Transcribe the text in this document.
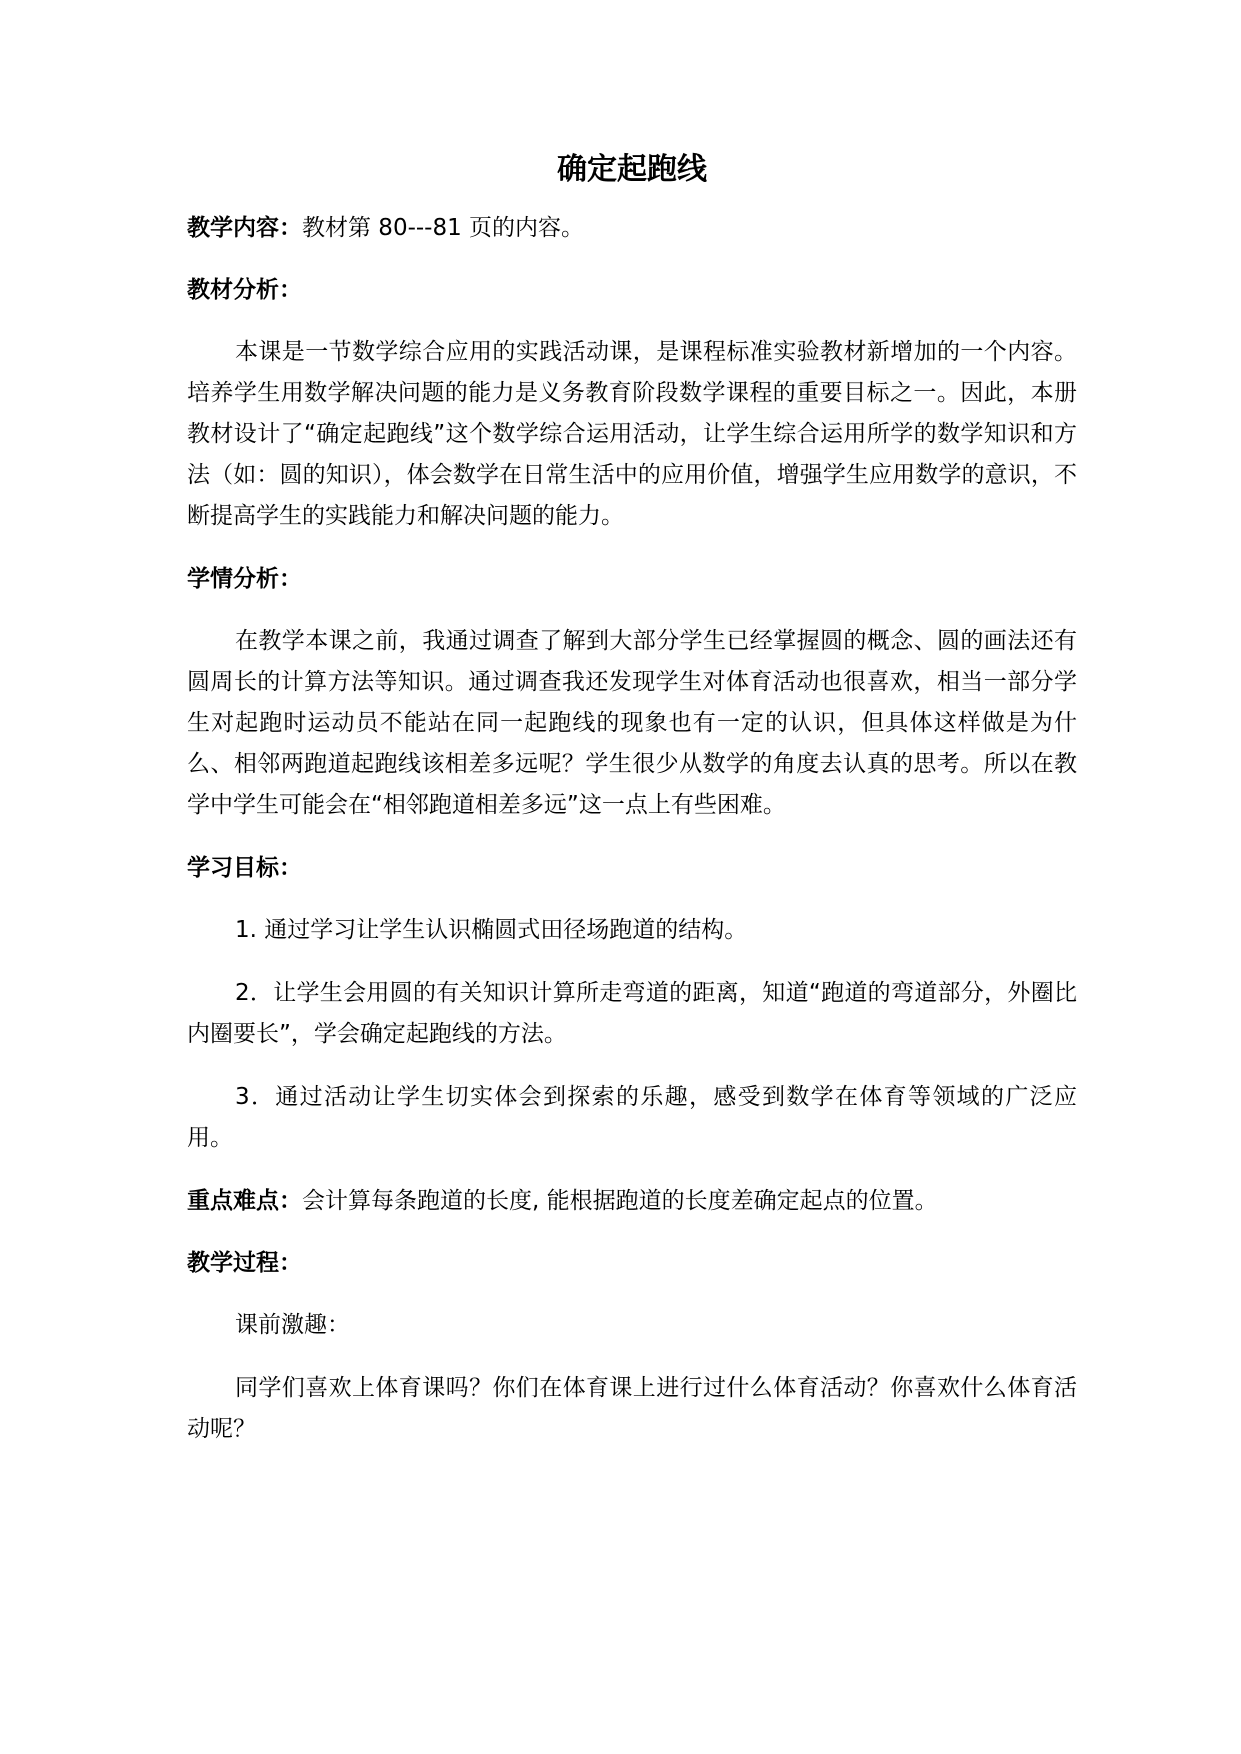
确定起跑线
教学内容：教材第 80---81 页的内容。
教材分析：

本课是一节数学综合应用的实践活动课，是课程标准实验教材新增加的一个内容。培养学生用数学解决问题的能力是义务教育阶段数学课程的重要目标之一。因此，本册教材设计了“确定起跑线”这个数学综合运用活动，让学生综合运用所学的数学知识和方法（如：圆的知识），体会数学在日常生活中的应用价值，增强学生应用数学的意识，不断提高学生的实践能力和解决问题的能力。

学情分析：

在教学本课之前，我通过调查了解到大部分学生已经掌握圆的概念、圆的画法还有圆周长的计算方法等知识。通过调查我还发现学生对体育活动也很喜欢，相当一部分学生对起跑时运动员不能站在同一起跑线的现象也有一定的认识，但具体这样做是为什么、相邻两跑道起跑线该相差多远呢？学生很少从数学的角度去认真的思考。所以在教学中学生可能会在“相邻跑道相差多远”这一点上有些困难。

学习目标：

1. 通过学习让学生认识椭圆式田径场跑道的结构。

2．让学生会用圆的有关知识计算所走弯道的距离，知道“跑道的弯道部分，外圈比内圈要长”，学会确定起跑线的方法。

3．通过活动让学生切实体会到探索的乐趣，感受到数学在体育等领域的广泛应用。

重点难点：会计算每条跑道的长度, 能根据跑道的长度差确定起点的位置。
教学过程：

课前激趣：

同学们喜欢上体育课吗？你们在体育课上进行过什么体育活动？你喜欢什么体育活动呢？
